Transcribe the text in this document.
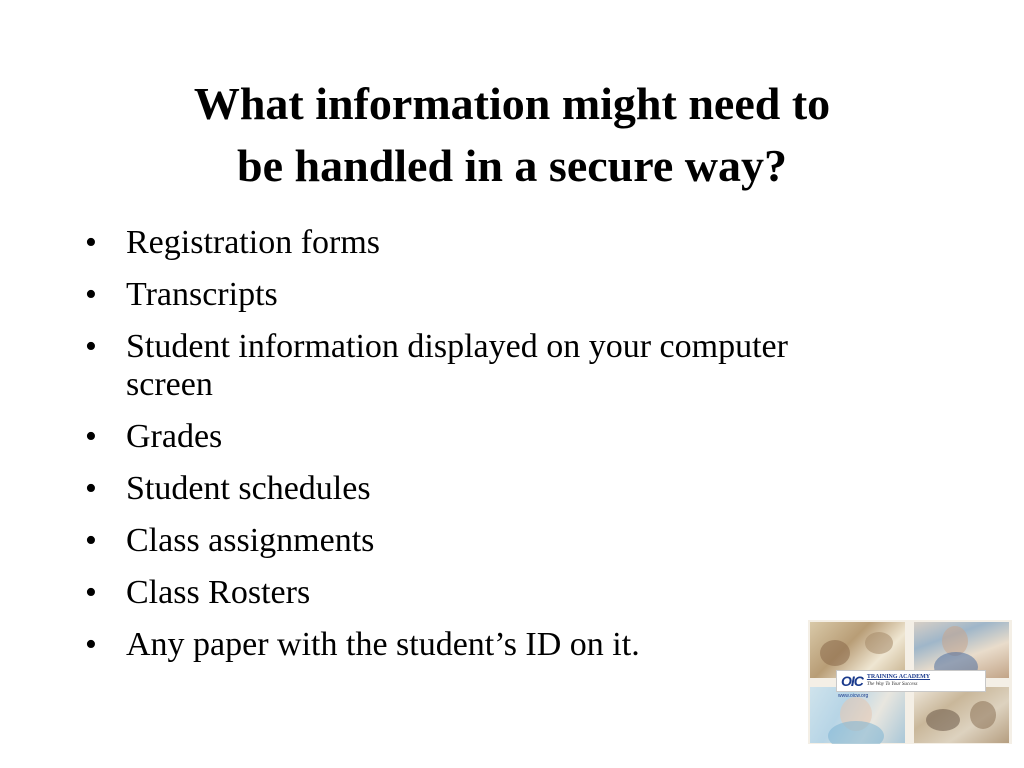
What information might need to
be handled in a secure way?
• Registration forms
• Transcripts
• Student information displayed on your computer screen
• Grades
• Student schedules
• Class assignments
• Class Rosters
• Any paper with the student’s ID on it.
OIC TRAINING ACADEMY
The Way To Your Success
www.oicw.org
